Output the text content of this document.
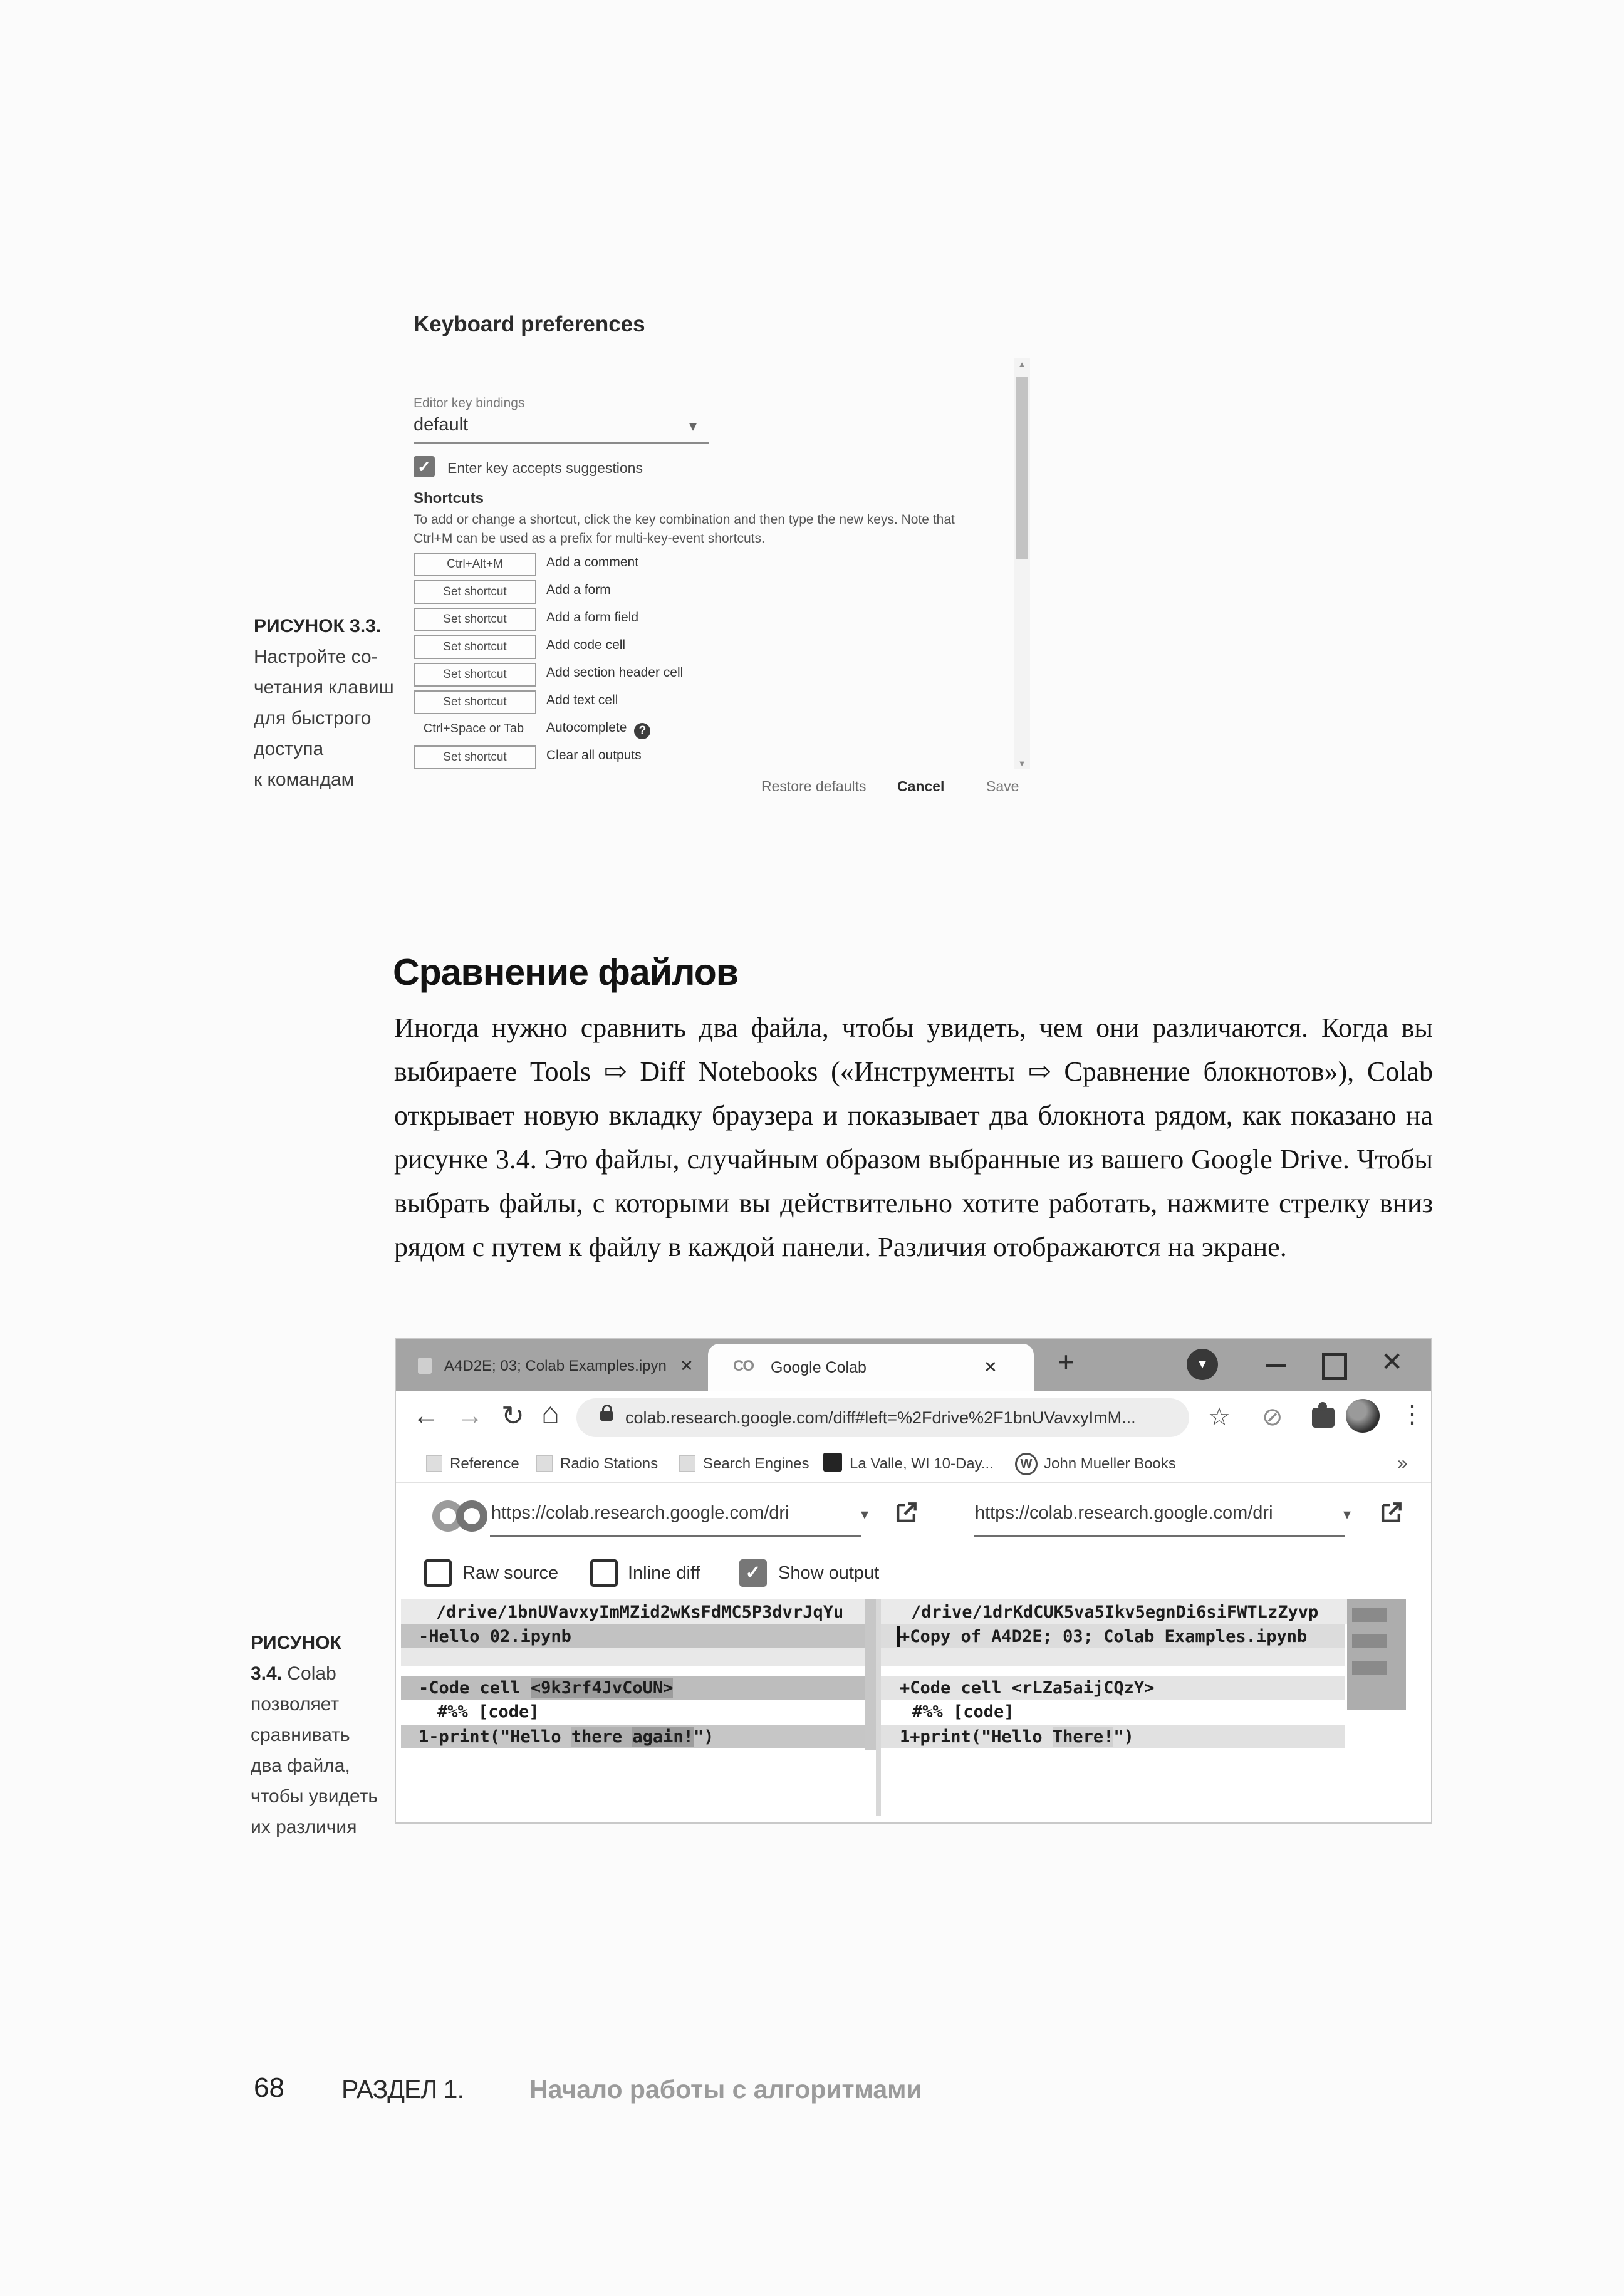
Keyboard preferences
Editor key bindings
default	▾
✓ Enter key accepts suggestions
Shortcuts
To add or change a shortcut, click the key combination and then type the new keys. Note that
Ctrl+M can be used as a prefix for multi-key-event shortcuts.
Ctrl+Alt+M	Add a comment
Set shortcut	Add a form
Set shortcut	Add a form field
Set shortcut	Add code cell
Set shortcut	Add section header cell
Set shortcut	Add text cell
Ctrl+Space or Tab	Autocomplete ?
Set shortcut	Clear all outputs
▲
▼
Restore defaults Cancel	Save
РИСУНОК 3.3.
Настройте со-
четания клавиш
для быстрого
доступа
к командам
Сравнение файлов
Иногда нужно сравнить два файла, чтобы увидеть, чем они различаются. Когда вы выбираете Tools ⇨ Diff Notebooks («Инструменты ⇨ Сравнение блокнотов»), Colab открывает новую вкладку браузера и показывает два блокнота рядом, как показано на рисунке 3.4. Это файлы, случайным образом выбранные из вашего Google Drive. Чтобы выбрать файлы, с которыми вы действительно хотите работать, нажмите стрелку вниз рядом с путем к файлу в каждой панели. Различия отображаются на экране.
A4D2E; 03; Colab Examples.ipyn ✕	CO Google Colab	✕ +	▼	✕
← → ↻ ⌂	colab.research.google.com/diff#left=%2Fdrive%2F1bnUVavxyImM...	☆ ⊘	⋮
Reference	Radio Stations	Search Engines	La Valle, WI 10-Day...	W John Mueller Books	»
https://colab.research.google.com/dri	▾	https://colab.research.google.com/dri	▾
Raw source	Inline diff	✓ Show output
/drive/1bnUVavxyImMZid2wKsFdMC5P3dvrJqYu	/drive/1drKdCUK5va5Ikv5egnDi6siFWTLzZyvp
-Hello 02.ipynb	+Copy of A4D2E; 03; Colab Examples.ipynb
-Code cell <9k3rf4JvCoUN>	+Code cell <rLZa5aijCQzY>
#%% [code]	#%% [code]
1-print("Hello there again!")	1+print("Hello There!")
РИСУНОК
3.4. Colab
позволяет
сравнивать
два файла,
чтобы увидеть
их различия
68 РАЗДЕЛ 1.	Начало работы с алгоритмами
